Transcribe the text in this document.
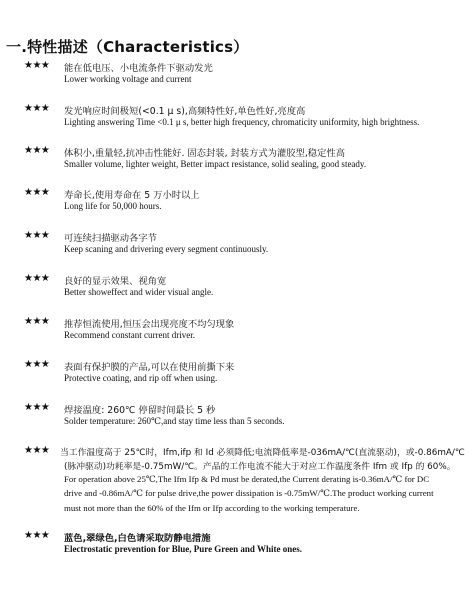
一.特性描述（Characteristics）
★★★ 能在低电压、小电流条件下驱动发光
Lower working voltage and current
★★★ 发光响应时间极短(<0.1 μ s),高频特性好,单色性好,亮度高
Lighting answering Time <0.1 μ s, better high frequency, chromaticity uniformity, high brightness.
★★★ 体积小,重量轻,抗冲击性能好. 固态封装, 封装方式为灌胶型,稳定性高
Smaller volume, lighter weight, Better impact resistance, solid sealing, good steady.
★★★ 寿命长,使用寿命在 5 万小时以上
Long life for 50,000 hours.
★★★ 可连续扫描驱动各字节
Keep scaning and drivering every segment continuously.
★★★ 良好的显示效果、视角宽
Better showeffect and wider visual angle.
★★★ 推荐恒流使用,恒压会出现亮度不均匀现象
Recommend constant current driver.
★★★ 表面有保护膜的产品,可以在使用前撕下来
Protective coating, and rip off when using.
★★★ 焊接温度: 260℃ 停留时间最长 5 秒
Solder temperature: 260℃,and stay time less than 5 seconds.
★★★ 当工作温度高于 25℃时，Ifm,ifp 和 Id 必须降低;电流降低率是-036mA/℃(直流驱动)，或-0.86mA/℃
(脉冲驱动)功耗率是-0.75mW/℃。产品的工作电流不能大于对应工作温度条件 Ifm 或 Ifp 的 60%。
For operation above 25℃,The Ifm Ifp & Pd must be derated,the Current derating is-0.36mA/℃ for DC
drive and -0.86mA/℃ for pulse drive,the power dissipation is -0.75mW/℃.The product working current
must not more than the 60% of the Ifm or Ifp according to the working temperature.
★★★ 蓝色,翠绿色,白色请采取防静电措施
Electrostatic prevention for Blue, Pure Green and White ones.
